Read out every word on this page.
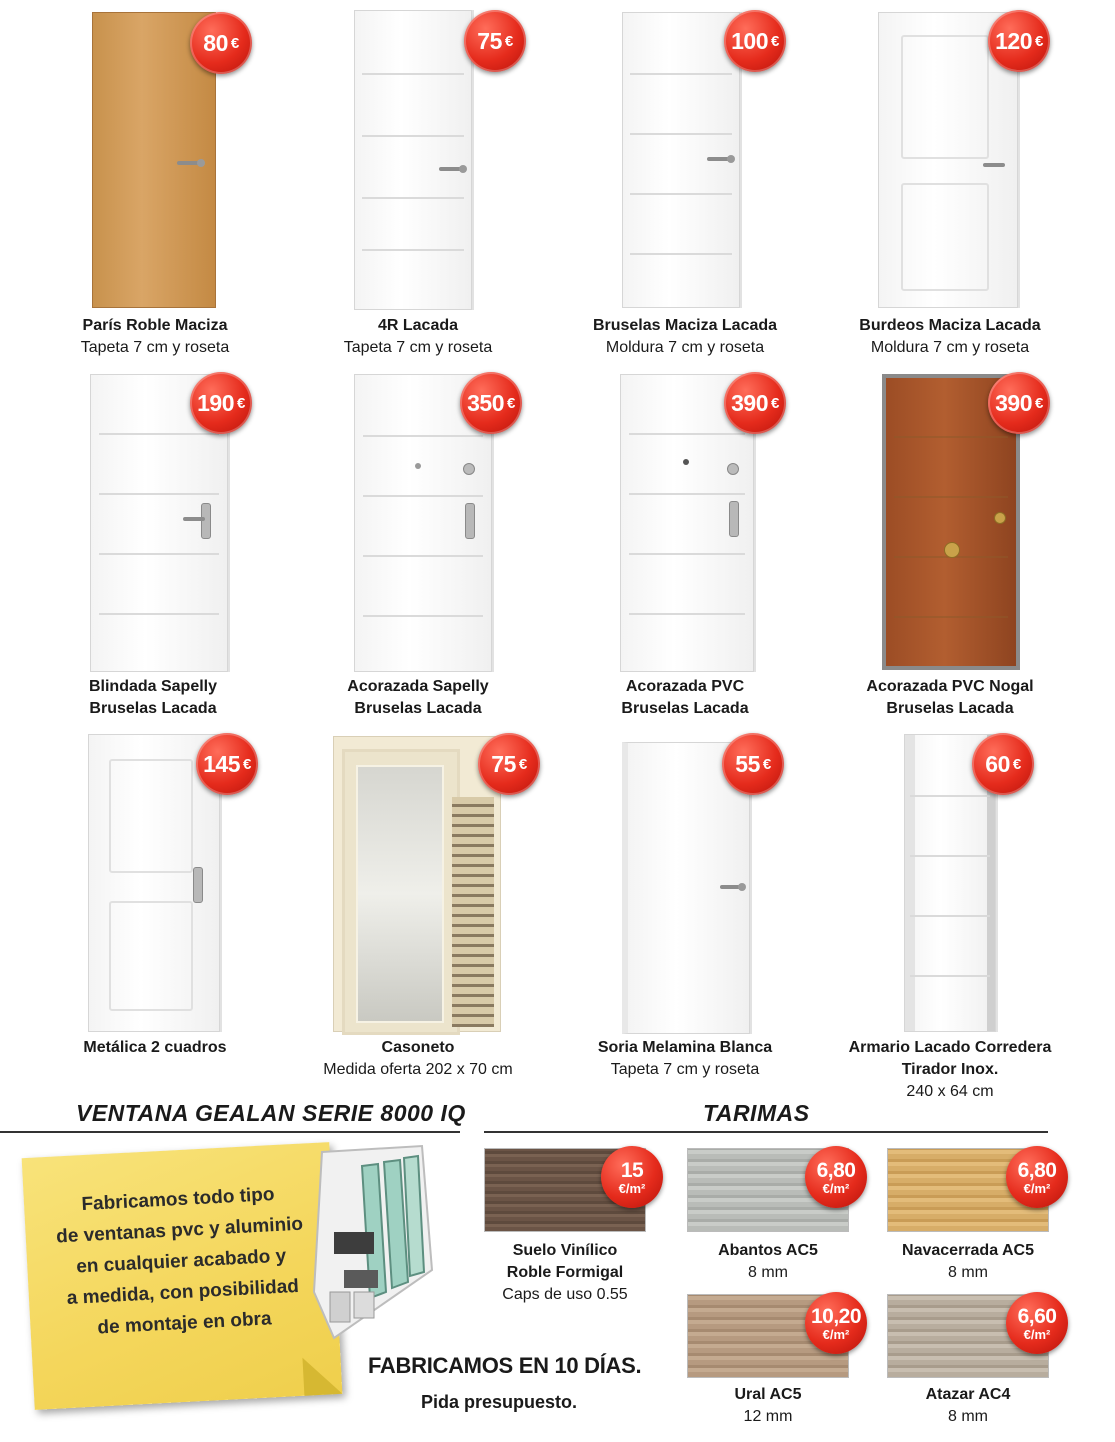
80 €
París Roble Maciza
Tapeta 7 cm y roseta
75 €
4R Lacada
Tapeta 7 cm y roseta
100 €
Bruselas Maciza Lacada
Moldura 7 cm y roseta
120 €
Burdeos Maciza Lacada
Moldura 7 cm y roseta
190 €
Blindada Sapelly
Bruselas Lacada
350 €
Acorazada Sapelly
Bruselas Lacada
390 €
Acorazada PVC
Bruselas Lacada
390 €
Acorazada PVC Nogal
Bruselas Lacada
145 €
Metálica 2 cuadros
75 €
Casoneto
Medida oferta 202 x 70 cm
55 €
Soria Melamina Blanca
Tapeta 7 cm y roseta
60 €
Armario Lacado Corredera
Tirador Inox.
240 x 64 cm
VENTANA GEALAN SERIE 8000 IQ
Fabricamos todo tipo
de ventanas pvc y aluminio
en cualquier acabado y
a medida, con posibilidad
de montaje en obra
FABRICAMOS EN 10 DÍAS.
Pida presupuesto.
TARIMAS
15
€/m²
Suelo Vinílico
Roble Formigal
Caps de uso 0.55
6,80
€/m²
Abantos AC5
8 mm
6,80
€/m²
Navacerrada AC5
8 mm
10,20
€/m²
Ural AC5
12 mm
6,60
€/m²
Atazar AC4
8 mm
